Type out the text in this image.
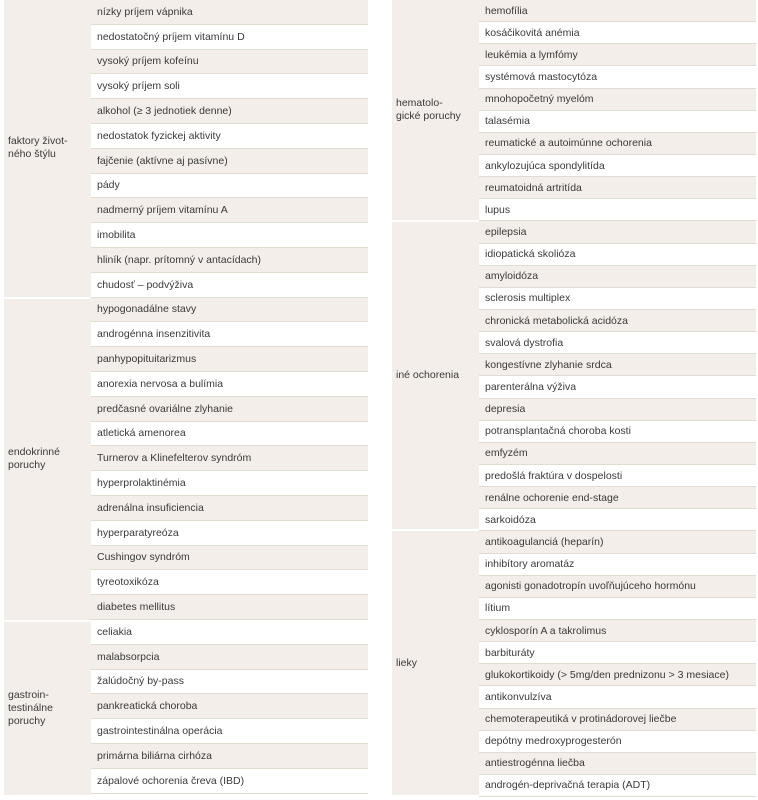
faktory život-
ného štýlu
endokrinné
poruchy
gastroin-
testinálne
poruchy
nízky príjem vápnika
nedostatočný príjem vitamínu D
vysoký príjem kofeínu
vysoký príjem soli
alkohol (≥ 3 jednotiek denne)
nedostatok fyzickej aktivity
fajčenie (aktívne aj pasívne)
pády
nadmerný príjem vitamínu A
imobilita
hliník (napr. prítomný v antacídach)
chudosť – podvýživa
hypogonadálne stavy
androgénna insenzitivita
panhypopituitarizmus
anorexia nervosa a bulímia
predčasné ovariálne zlyhanie
atletická amenorea
Turnerov a Klinefelterov syndróm
hyperprolaktinémia
adrenálna insuficiencia
hyperparatyreóza
Cushingov syndróm
tyreotoxikóza
diabetes mellitus
celiakia
malabsorpcia
žalúdočný by-pass
pankreatická choroba
gastrointestinálna operácia
primárna biliárna cirhóza
zápalové ochorenia čreva (IBD)
hematolo-
gické poruchy
iné ochorenia
lieky
hemofília
kosáčikovitá anémia
leukémia a lymfómy
systémová mastocytóza
mnohopočetný myelóm
talasémia
reumatické a autoimúnne ochorenia
ankylozujúca spondylitída
reumatoidná artritída
lupus
epilepsia
idiopatická skolióza
amyloidóza
sclerosis multiplex
chronická metabolická acidóza
svalová dystrofia
kongestívne zlyhanie srdca
parenterálna výživa
depresia
potransplantačná choroba kosti
emfyzém
predošlá fraktúra v dospelosti
renálne ochorenie end-stage
sarkoidóza
antikoagulanciá (heparín)
inhibítory aromatáz
agonisti gonadotropín uvoľňujúceho hormónu
lítium
cyklosporín A a takrolimus
barbituráty
glukokortikoidy (> 5mg/den prednizonu > 3 mesiace)
antikonvulzíva
chemoterapeutiká v protinádorovej liečbe
depótny medroxyprogesterón
antiestrogénna liečba
androgén-deprivačná terapia (ADT)
